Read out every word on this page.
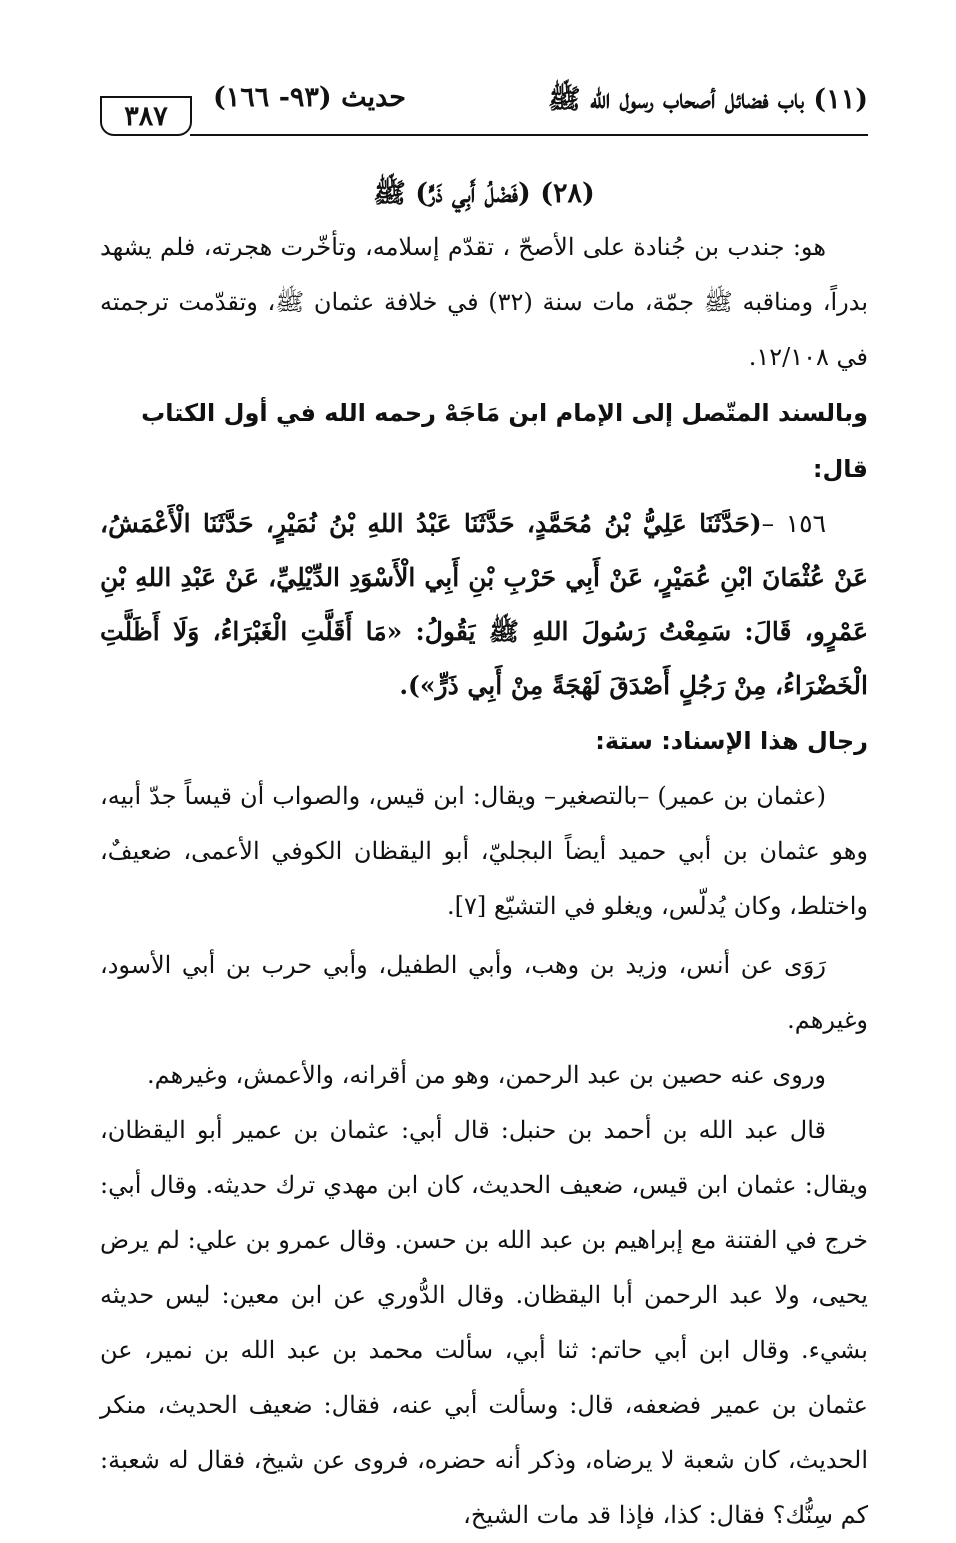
(١١) باب فضائل أصحاب رسول الله ﷺ
حديث (٩٣- ١٦٦)
٣٨٧

(٢٨) (فَضْلُ أَبِي ذَرٍّ) ﷺ

هو: جندب بن جُنادة على الأصحّ ، تقدّم إسلامه، وتأخّرت هجرته، فلم يشهد بدراً، ومناقبه ﷺ جمّة، مات سنة (٣٢) في خلافة عثمان ﷺ، وتقدّمت ترجمته في ١٢/١٠٨.

وبالسند المتّصل إلى الإمام ابن مَاجَهْ رحمه الله في أول الكتاب قال:

١٥٦ –(حَدَّثَنَا عَلِيُّ بْنُ مُحَمَّدٍ، حَدَّثَنَا عَبْدُ اللهِ بْنُ نُمَيْرٍ، حَدَّثَنَا الْأَعْمَشُ، عَنْ عُثْمَانَ ابْنِ عُمَيْرٍ، عَنْ أَبِي حَرْبِ بْنِ أَبِي الْأَسْوَدِ الدِّيْلِيِّ، عَنْ عَبْدِ اللهِ بْنِ عَمْرٍو، قَالَ: سَمِعْتُ رَسُولَ اللهِ ﷺ يَقُولُ: «مَا أَقَلَّتِ الْغَبْرَاءُ، وَلَا أَظَلَّتِ الْخَضْرَاءُ، مِنْ رَجُلٍ أَصْدَقَ لَهْجَةً مِنْ أَبِي ذَرٍّ»).

رجال هذا الإسناد: ستة:

(عثمان بن عمير) –بالتصغير– ويقال: ابن قيس، والصواب أن قيساً جدّ أبيه، وهو عثمان بن أبي حميد أيضاً البجليّ، أبو اليقظان الكوفي الأعمى، ضعيفٌ، واختلط، وكان يُدلّس، ويغلو في التشيّع [٧].

رَوَى عن أنس، وزيد بن وهب، وأبي الطفيل، وأبي حرب بن أبي الأسود، وغيرهم.

وروى عنه حصين بن عبد الرحمن، وهو من أقرانه، والأعمش، وغيرهم.

قال عبد الله بن أحمد بن حنبل: قال أبي: عثمان بن عمير أبو اليقظان، ويقال: عثمان ابن قيس، ضعيف الحديث، كان ابن مهدي ترك حديثه. وقال أبي: خرج في الفتنة مع إبراهيم بن عبد الله بن حسن. وقال عمرو بن علي: لم يرض يحيى، ولا عبد الرحمن أبا اليقظان. وقال الدُّوري عن ابن معين: ليس حديثه بشيء. وقال ابن أبي حاتم: ثنا أبي، سألت محمد بن عبد الله بن نمير، عن عثمان بن عمير فضعفه، قال: وسألت أبي عنه، فقال: ضعيف الحديث، منكر الحديث، كان شعبة لا يرضاه، وذكر أنه حضره، فروى عن شيخ، فقال له شعبة: كم سِنُّك؟ فقال: كذا، فإذا قد مات الشيخ،
